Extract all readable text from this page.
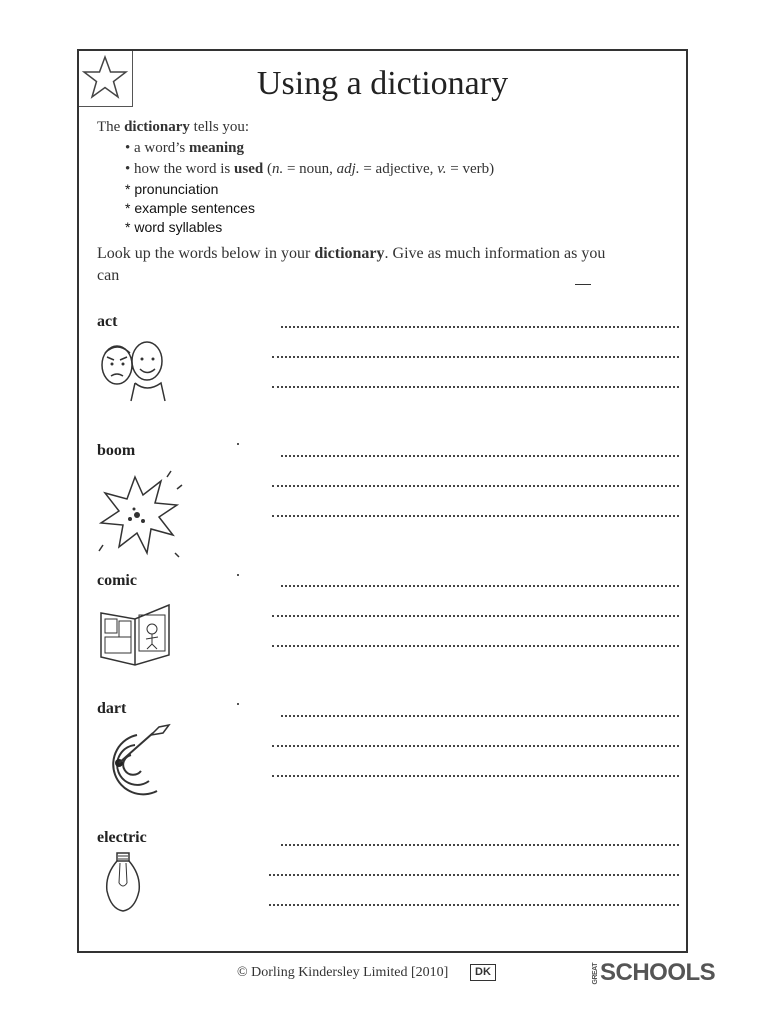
Using a dictionary
The dictionary tells you:
• a word’s meaning
• how the word is used (n. = noun, adj. = adjective, v. = verb)
* pronunciation
* example sentences
* word syllables
Look up the words below in your dictionary. Give as much information as you
can
act
boom
comic
dart
electric
© Dorling Kindersley Limited [2010]	DK	GREATSCHOOLS
